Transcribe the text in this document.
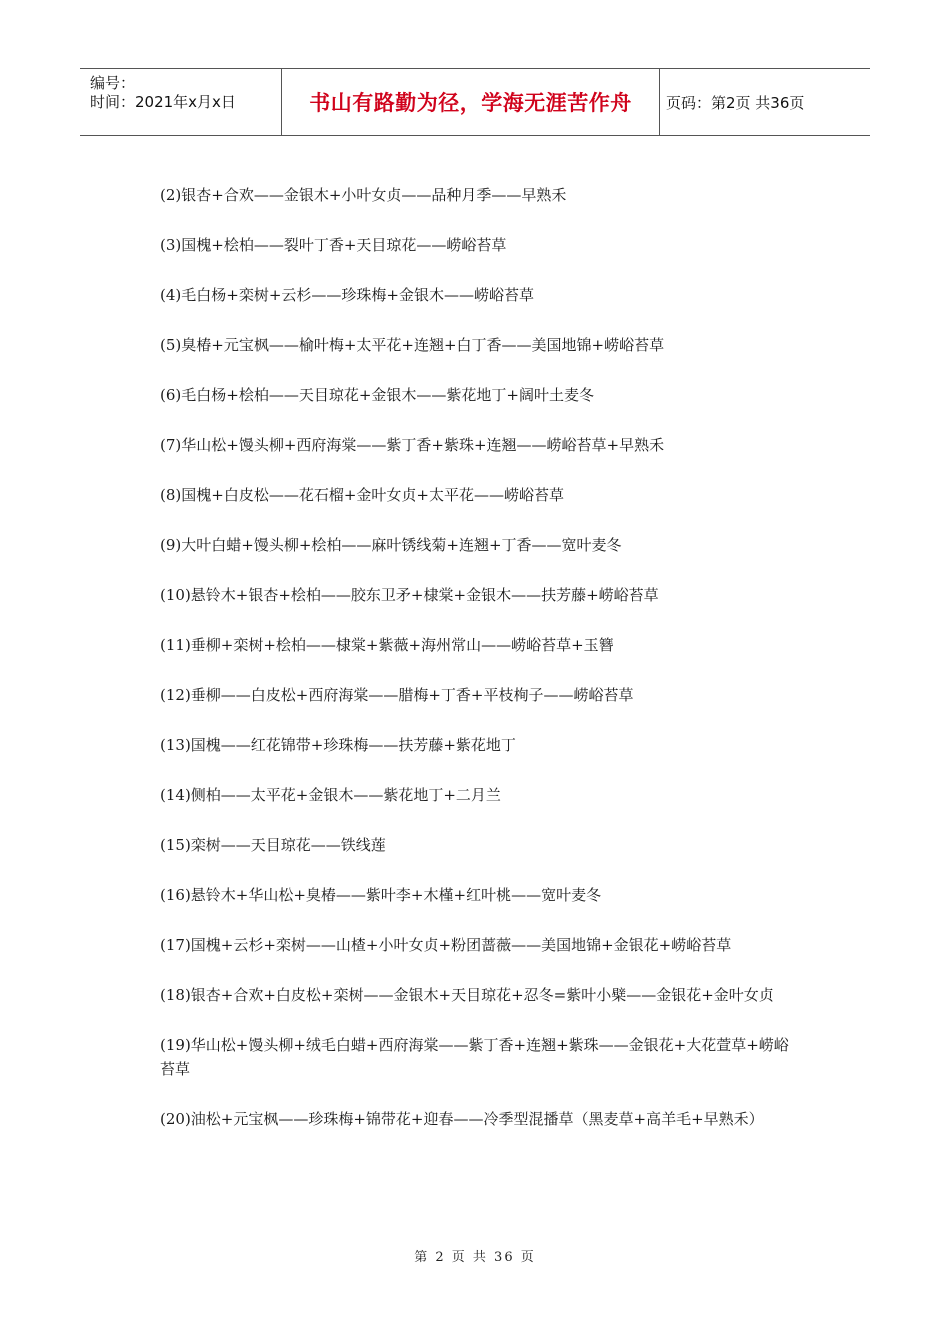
编号：
时间：2021年x月x日	书山有路勤为径，学海无涯苦作舟 页码：第2页 共36页

(2)银杏+合欢——金银木+小叶女贞——品种月季——早熟禾

(3)国槐+桧柏——裂叶丁香+天目琼花——崂峪苔草

(4)毛白杨+栾树+云杉——珍珠梅+金银木——崂峪苔草

(5)臭椿+元宝枫——榆叶梅+太平花+连翘+白丁香——美国地锦+崂峪苔草

(6)毛白杨+桧柏——天目琼花+金银木——紫花地丁+阔叶土麦冬

(7)华山松+馒头柳+西府海棠——紫丁香+紫珠+连翘——崂峪苔草+早熟禾

(8)国槐+白皮松——花石榴+金叶女贞+太平花——崂峪苔草

(9)大叶白蜡+馒头柳+桧柏——麻叶锈线菊+连翘+丁香——宽叶麦冬

(10)悬铃木+银杏+桧柏——胶东卫矛+棣棠+金银木——扶芳藤+崂峪苔草

(11)垂柳+栾树+桧柏——棣棠+紫薇+海州常山——崂峪苔草+玉簪

(12)垂柳——白皮松+西府海棠——腊梅+丁香+平枝栒子——崂峪苔草

(13)国槐——红花锦带+珍珠梅——扶芳藤+紫花地丁

(14)侧柏——太平花+金银木——紫花地丁+二月兰

(15)栾树——天目琼花——铁线莲

(16)悬铃木+华山松+臭椿——紫叶李+木槿+红叶桃——宽叶麦冬

(17)国槐+云杉+栾树——山楂+小叶女贞+粉团蔷薇——美国地锦+金银花+崂峪苔草

(18)银杏+合欢+白皮松+栾树——金银木+天目琼花+忍冬=紫叶小檗——金银花+金叶女贞

(19)华山松+馒头柳+绒毛白蜡+西府海棠——紫丁香+连翘+紫珠——金银花+大花萱草+崂峪苔草

(20)油松+元宝枫——珍珠梅+锦带花+迎春——冷季型混播草（黑麦草+高羊毛+早熟禾）

第 2 页 共 36 页
